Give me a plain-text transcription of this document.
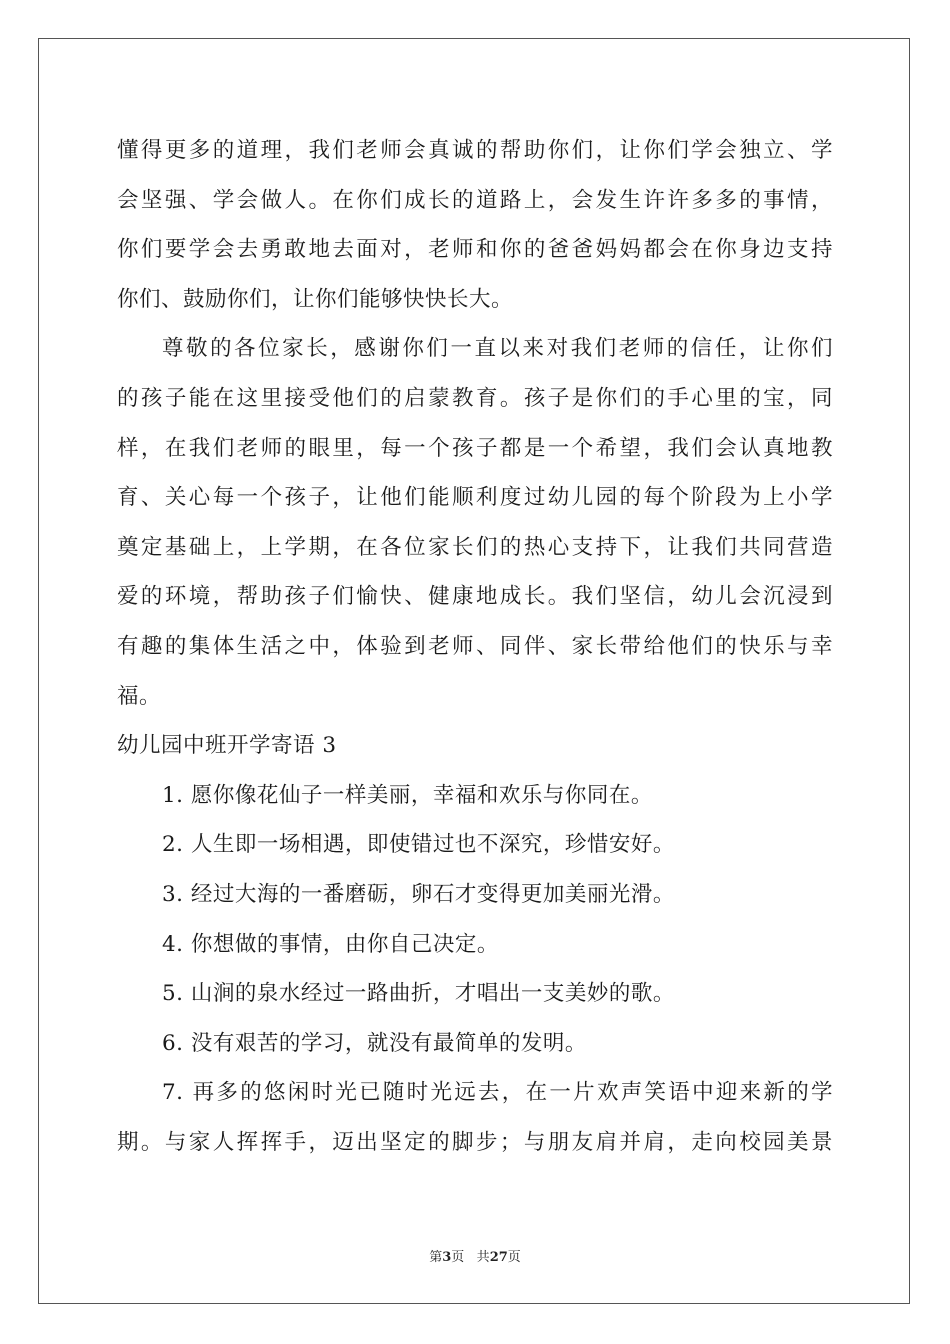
懂得更多的道理，我们老师会真诚的帮助你们，让你们学会独立、学
会坚强、学会做人。在你们成长的道路上，会发生许许多多的事情，
你们要学会去勇敢地去面对，老师和你的爸爸妈妈都会在你身边支持
你们、鼓励你们，让你们能够快快长大。
尊敬的各位家长，感谢你们一直以来对我们老师的信任，让你们
的孩子能在这里接受他们的启蒙教育。孩子是你们的手心里的宝，同
样，在我们老师的眼里，每一个孩子都是一个希望，我们会认真地教
育、关心每一个孩子，让他们能顺利度过幼儿园的每个阶段为上小学
奠定基础上，上学期，在各位家长们的热心支持下，让我们共同营造
爱的环境，帮助孩子们愉快、健康地成长。我们坚信，幼儿会沉浸到
有趣的集体生活之中，体验到老师、同伴、家长带给他们的快乐与幸
福。
幼儿园中班开学寄语 3
1. 愿你像花仙子一样美丽，幸福和欢乐与你同在。
2. 人生即一场相遇，即使错过也不深究，珍惜安好。
3. 经过大海的一番磨砺，卵石才变得更加美丽光滑。
4. 你想做的事情，由你自己决定。
5. 山涧的泉水经过一路曲折，才唱出一支美妙的歌。
6. 没有艰苦的学习，就没有最简单的发明。
7. 再多的悠闲时光已随时光远去，在一片欢声笑语中迎来新的学
期。与家人挥挥手，迈出坚定的脚步；与朋友肩并肩，走向校园美景
第3页 共27页
